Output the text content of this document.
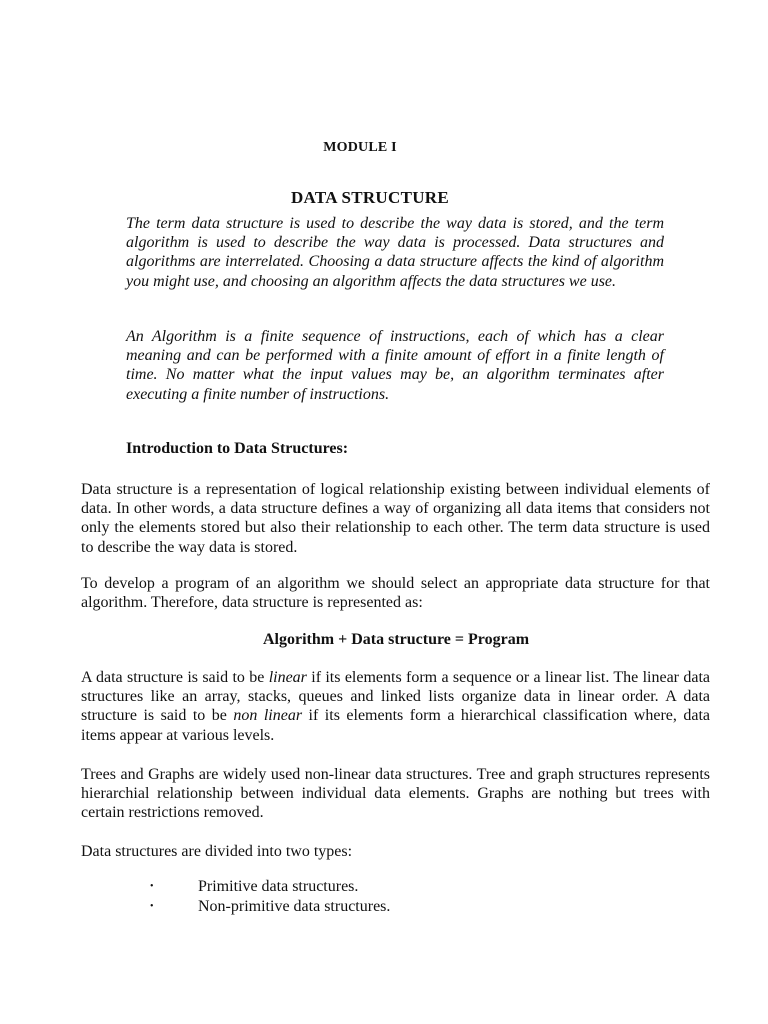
MODULE I
DATA STRUCTURE
The term data structure is used to describe the way data is stored, and the term algorithm is used to describe the way data is processed. Data structures and algorithms are interrelated. Choosing a data structure affects the kind of algorithm you might use, and choosing an algorithm affects the data structures we use.
An Algorithm is a finite sequence of instructions, each of which has a clear meaning and can be performed with a finite amount of effort in a finite length of time. No matter what the input values may be, an algorithm terminates after executing a finite number of instructions.
Introduction to Data Structures:
Data structure is a representation of logical relationship existing between individual elements of data. In other words, a data structure defines a way of organizing all data items that considers not only the elements stored but also their relationship to each other. The term data structure is used to describe the way data is stored.
To develop a program of an algorithm we should select an appropriate data structure for that algorithm. Therefore, data structure is represented as:
Algorithm + Data structure = Program
A data structure is said to be linear if its elements form a sequence or a linear list. The linear data structures like an array, stacks, queues and linked lists organize data in linear order. A data structure is said to be non linear if its elements form a hierarchical classification where, data items appear at various levels.
Trees and Graphs are widely used non-linear data structures. Tree and graph structures represents hierarchial relationship between individual data elements. Graphs are nothing but trees with certain restrictions removed.
Data structures are divided into two types:
•	Primitive data structures.
•	Non-primitive data structures.
